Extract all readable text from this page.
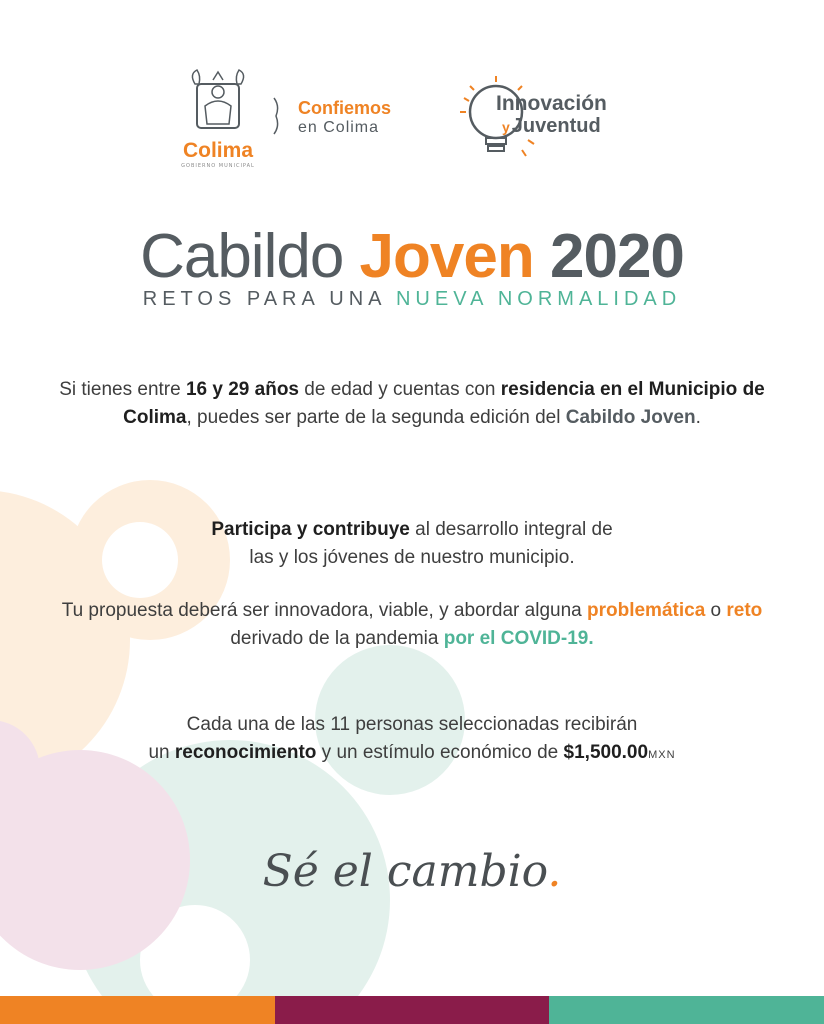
Colima
GOBIERNO MUNICIPAL
Confiemos
en Colima
Innovación
y Juventud
Cabildo Joven 2020
RETOS PARA UNA NUEVA NORMALIDAD
Si tienes entre 16 y 29 años de edad y cuentas con residencia en el Municipio de Colima, puedes ser parte de la segunda edición del Cabildo Joven.
Participa y contribuye al desarrollo integral de
las y los jóvenes de nuestro municipio.
Tu propuesta deberá ser innovadora, viable, y abordar alguna problemática o reto derivado de la pandemia por el COVID-19.
Cada una de las 11 personas seleccionadas recibirán
un reconocimiento y un estímulo económico de $1,500.00MXN
Sé el cambio.
